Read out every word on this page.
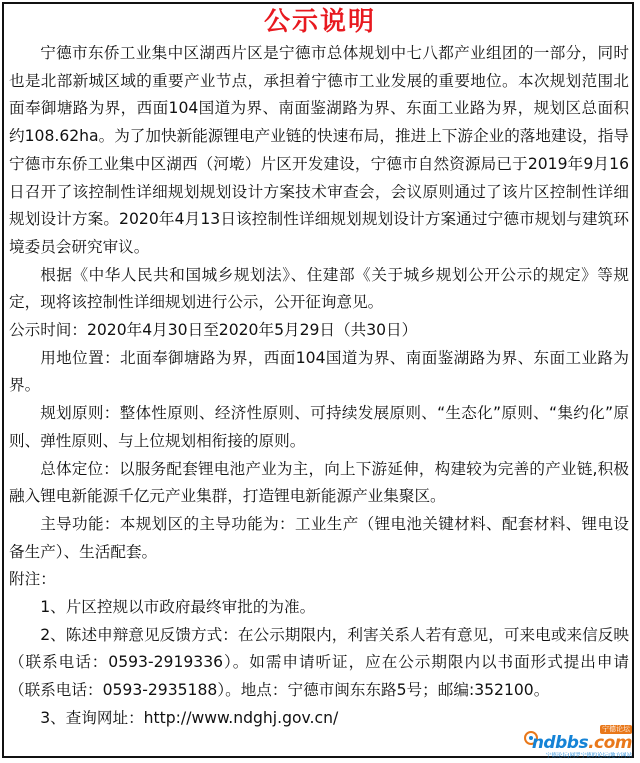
公示说明

宁德市东侨工业集中区湖西片区是宁德市总体规划中七八都产业组团的一部分，同时也是北部新城区域的重要产业节点，承担着宁德市工业发展的重要地位。本次规划范围北面奉御塘路为界，西面104国道为界、南面鉴湖路为界、东面工业路为界，规划区总面积约108.62ha。为了加快新能源锂电产业链的快速布局，推进上下游企业的落地建设，指导宁德市东侨工业集中区湖西（河墘）片区开发建设，宁德市自然资源局已于2019年9月16日召开了该控制性详细规划规划设计方案技术审查会，会议原则通过了该片区控制性详细规划设计方案。2020年4月13日该控制性详细规划规划设计方案通过宁德市规划与建筑环境委员会研究审议。

根据《中华人民共和国城乡规划法》、住建部《关于城乡规划公开公示的规定》等规定，现将该控制性详细规划进行公示，公开征询意见。

公示时间：2020年4月30日至2020年5月29日（共30日）

用地位置：北面奉御塘路为界，西面104国道为界、南面鉴湖路为界、东面工业路为界。

规划原则：整体性原则、经济性原则、可持续发展原则、“生态化”原则、“集约化”原则、弹性原则、与上位规划相衔接的原则。

总体定位：以服务配套锂电池产业为主，向上下游延伸，构建较为完善的产业链,积极融入锂电新能源千亿元产业集群，打造锂电新能源产业集聚区。

主导功能：本规划区的主导功能为：工业生产（锂电池关键材料、配套材料、锂电设备生产）、生活配套。

附注：

1、片区控规以市政府最终审批的为准。

2、陈述申辩意见反馈方式：在公示期限内，利害关系人若有意见，可来电或来信反映（联系电话：0593-2919336）。如需申请听证，应在公示期限内以书面形式提出申请（联系电话：0593-2935188）。地点：宁德市闽东东路5号；邮编:352100。

3、查询网址：http://www.ndghj.gov.cn/

宁德论坛
ndbbs.com
宁德论坛|网罗宁德的论坛|地方网站
